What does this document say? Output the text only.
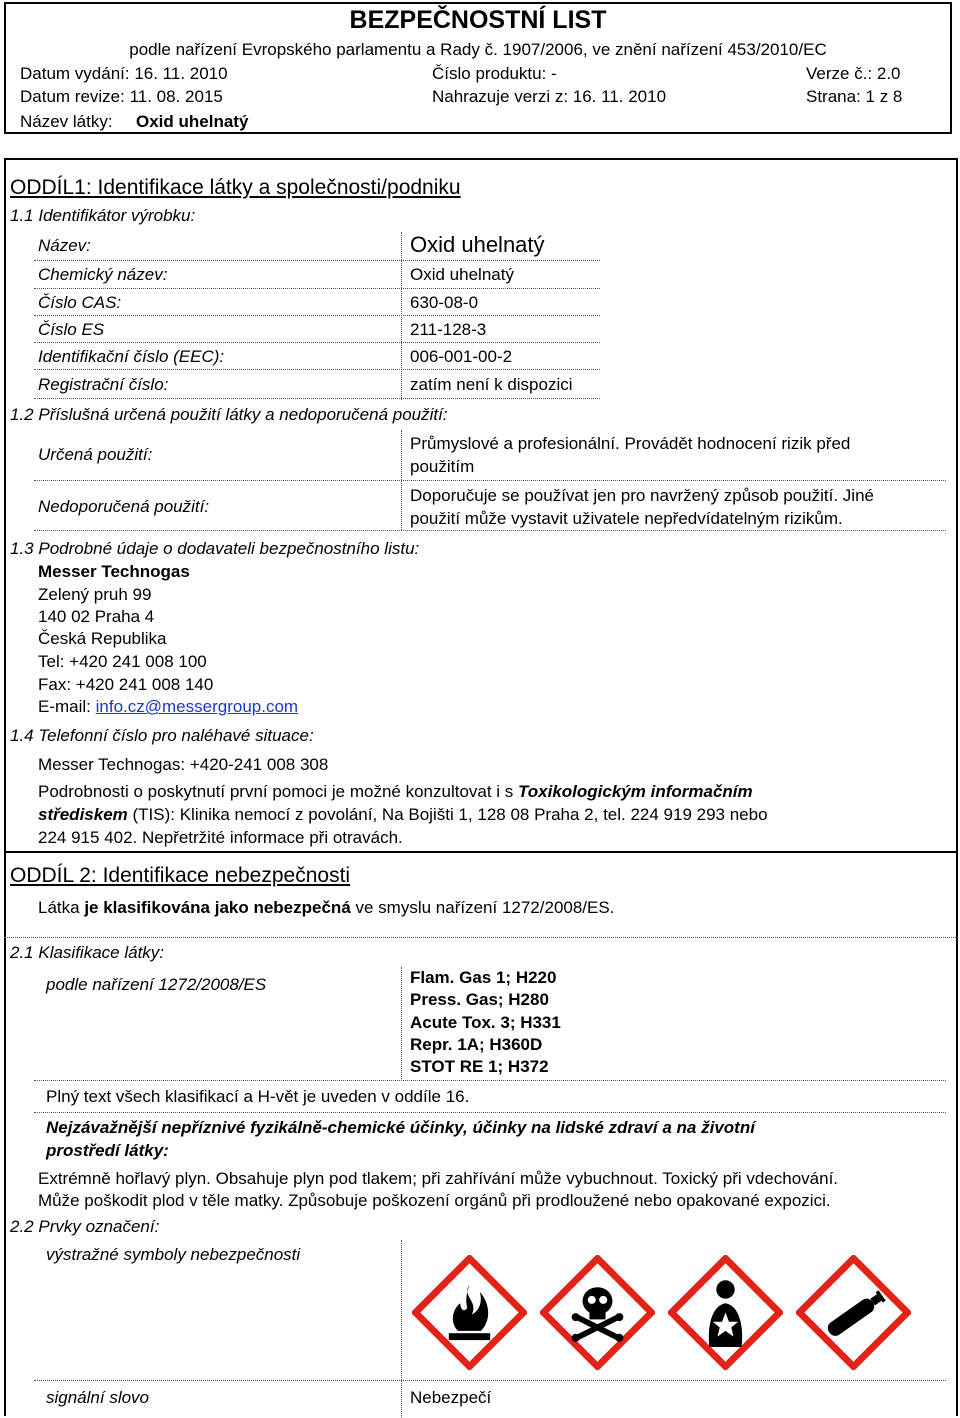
BEZPEČNOSTNÍ LIST
podle nařízení Evropského parlamentu a Rady č. 1907/2006, ve znění nařízení 453/2010/EC
Datum vydání: 16. 11. 2010	Číslo produktu: -	Verze č.: 2.0
Datum revize: 11. 08. 2015	Nahrazuje verzi z: 16. 11. 2010	Strana: 1 z 8
Název látky: Oxid uhelnatý
ODDÍL1: Identifikace látky a společnosti/podniku
1.1 Identifikátor výrobku:
Název:	Oxid uhelnatý
Chemický název:	Oxid uhelnatý
Číslo CAS:	630-08-0
Číslo ES	211-128-3
Identifikační číslo (EEC):	006-001-00-2
Registrační číslo:	zatím není k dispozici
1.2 Příslušná určená použití látky a nedoporučená použití:
Určená použití:
Průmyslové a profesionální. Provádět hodnocení rizik před
použitím
Nedoporučená použití:
Doporučuje se používat jen pro navržený způsob použití. Jiné
použití může vystavit uživatele nepředvídatelným rizikům.
1.3 Podrobné údaje o dodavateli bezpečnostního listu:
Messer Technogas
Zelený pruh 99
140 02 Praha 4
Česká Republika
Tel: +420 241 008 100
Fax: +420 241 008 140
E-mail: info.cz@messergroup.com
1.4 Telefonní číslo pro naléhavé situace:
Messer Technogas: +420-241 008 308
Podrobnosti o poskytnutí první pomoci je možné konzultovat i s Toxikologickým informačním
střediskem (TIS): Klinika nemocí z povolání, Na Bojišti 1, 128 08 Praha 2, tel. 224 919 293 nebo
224 915 402. Nepřetržité informace při otravách.
ODDÍL 2: Identifikace nebezpečnosti
Látka je klasifikována jako nebezpečná ve smyslu nařízení 1272/2008/ES.
2.1 Klasifikace látky:
podle nařízení 1272/2008/ES	Flam. Gas 1; H220
Press. Gas; H280
Acute Tox. 3; H331
Repr. 1A; H360D
STOT RE 1; H372
Plný text všech klasifikací a H-vět je uveden v oddíle 16.
Nejzávažnější nepříznivé fyzikálně-chemické účinky, účinky na lidské zdraví a na životní
prostředí látky:
Extrémně hořlavý plyn. Obsahuje plyn pod tlakem; při zahřívání může vybuchnout. Toxický při vdechování.
Může poškodit plod v těle matky. Způsobuje poškození orgánů při prodloužené nebo opakované expozici.
2.2 Prvky označení:
výstražné symboly nebezpečnosti
signální slovo	Nebezpečí
